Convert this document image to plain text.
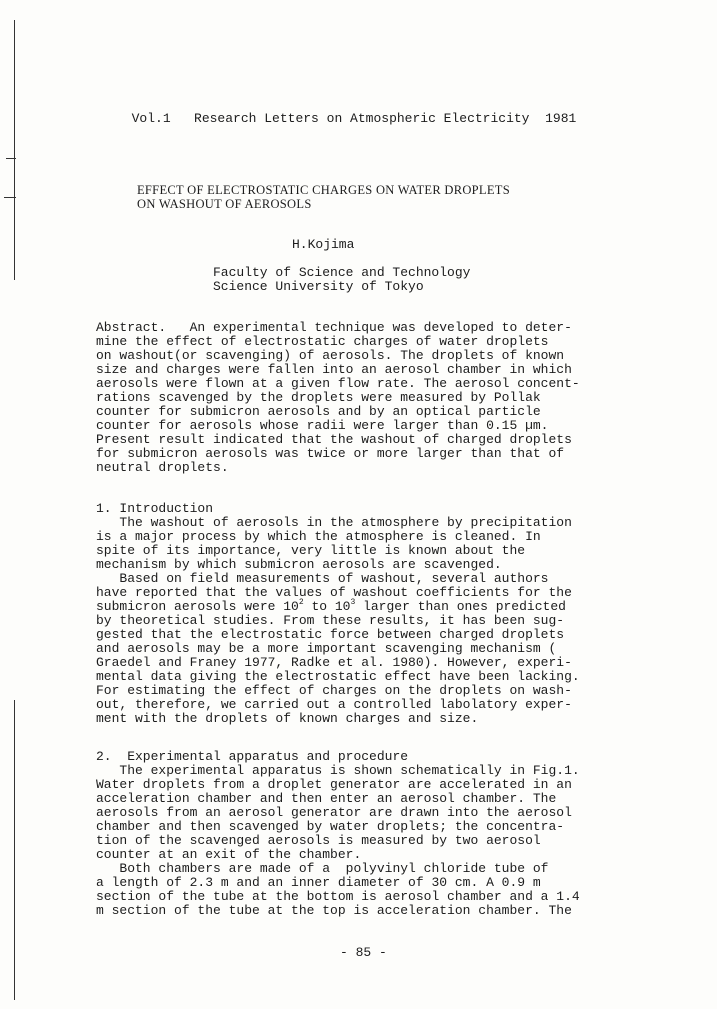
Vol.1 Research Letters on Atmospheric Electricity 1981

EFFECT OF ELECTROSTATIC CHARGES ON WATER DROPLETS
ON WASHOUT OF AEROSOLS
H.Kojima
Faculty of Science and Technology
Science University of Tokyo
Abstract.   An experimental technique was developed to deter-
mine the effect of electrostatic charges of water droplets
on washout(or scavenging) of aerosols. The droplets of known
size and charges were fallen into an aerosol chamber in which
aerosols were flown at a given flow rate. The aerosol concent-
rations scavenged by the droplets were measured by Pollak
counter for submicron aerosols and by an optical particle
counter for aerosols whose radii were larger than 0.15 µm.
Present result indicated that the washout of charged droplets
for submicron aerosols was twice or more larger than that of
neutral droplets.
1. Introduction
The washout of aerosols in the atmosphere by precipitation
is a major process by which the atmosphere is cleaned. In
spite of its importance, very little is known about the
mechanism by which submicron aerosols are scavenged.
Based on field measurements of washout, several authors
have reported that the values of washout coefficients for the
submicron aerosols were $10^2$ to $10^3$ larger than ones predicted
by theoretical studies. From these results, it has been sug-
gested that the electrostatic force between charged droplets
and aerosols may be a more important scavenging mechanism (
Graedel and Franey 1977, Radke et al. 1980). However, experi-
mental data giving the electrostatic effect have been lacking.
For estimating the effect of charges on the droplets on wash-
out, therefore, we carried out a controlled labolatory exper-
ment with the droplets of known charges and size.
2.  Experimental apparatus and procedure
The experimental apparatus is shown schematically in Fig.1.
Water droplets from a droplet generator are accelerated in an
acceleration chamber and then enter an aerosol chamber. The
aerosols from an aerosol generator are drawn into the aerosol
chamber and then scavenged by water droplets; the concentra-
tion of the scavenged aerosols is measured by two aerosol
counter at an exit of the chamber.
Both chambers are made of a  polyvinyl chloride tube of
a length of 2.3 m and an inner diameter of 30 cm. A 0.9 m
section of the tube at the bottom is aerosol chamber and a 1.4
m section of the tube at the top is acceleration chamber. The
- 85 -
